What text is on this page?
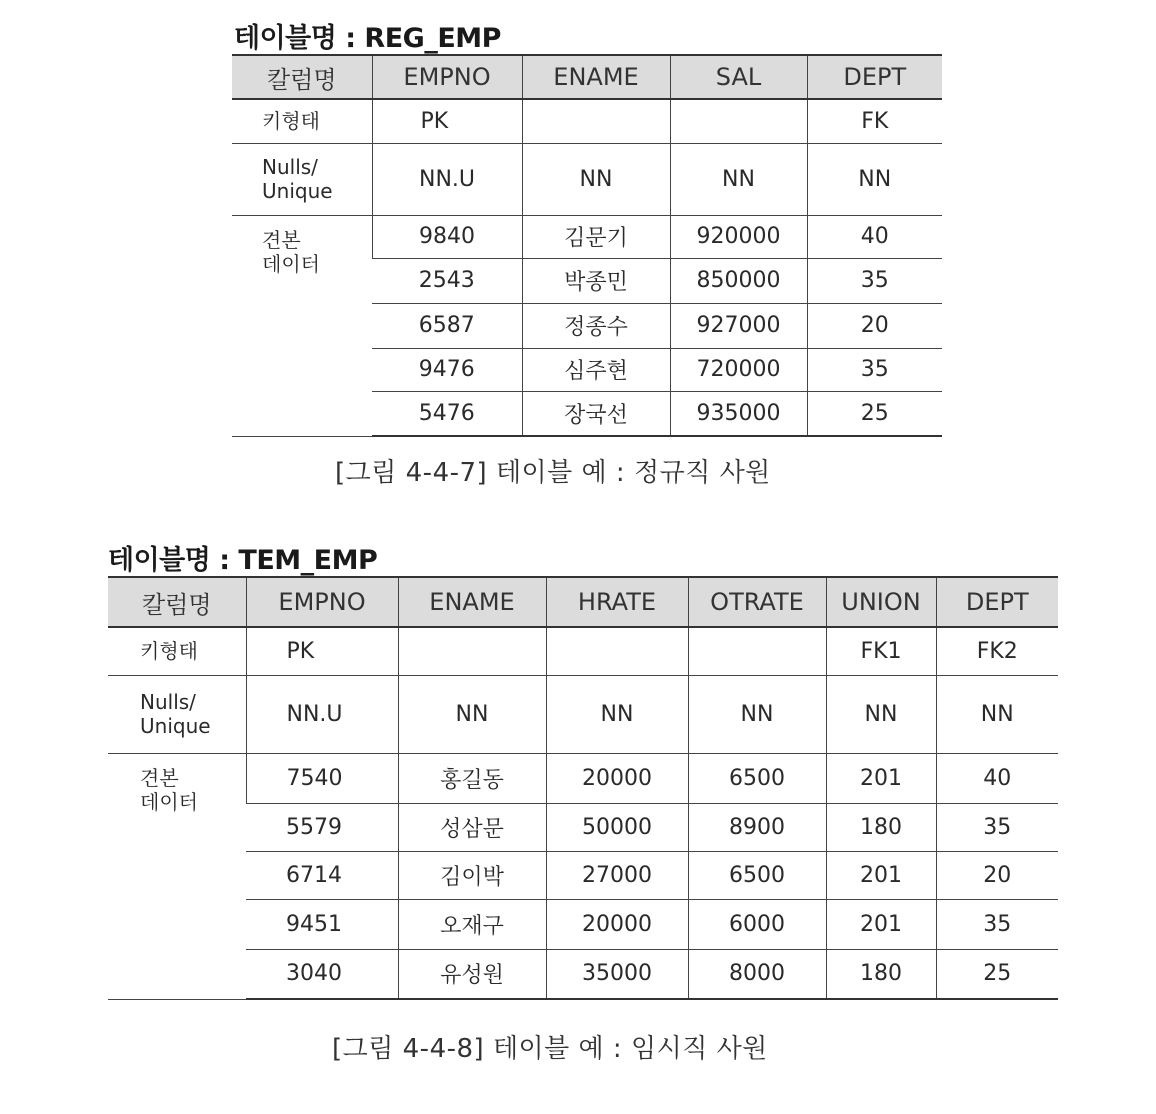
테이블명 : REG_EMP
칼럼명	EMPNO	ENAME	SAL	DEPT
키형태	PK			FK
Nulls/
Unique	NN.U	NN	NN	NN
견본
데이터	9840	김문기	920000	40
	2543	박종민	850000	35
	6587	정종수	927000	20
	9476	심주현	720000	35
	5476	장국선	935000	25
[그림 4-4-7] 테이블 예 : 정규직 사원
테이블명 : TEM_EMP
칼럼명	EMPNO	ENAME	HRATE	OTRATE	UNION	DEPT
키형태	PK				FK1	FK2
Nulls/
Unique	NN.U	NN	NN	NN	NN	NN
견본
데이터	7540	홍길동	20000	6500	201	40
	5579	성삼문	50000	8900	180	35
	6714	김이박	27000	6500	201	20
	9451	오재구	20000	6000	201	35
	3040	유성원	35000	8000	180	25
[그림 4-4-8] 테이블 예 : 임시직 사원
